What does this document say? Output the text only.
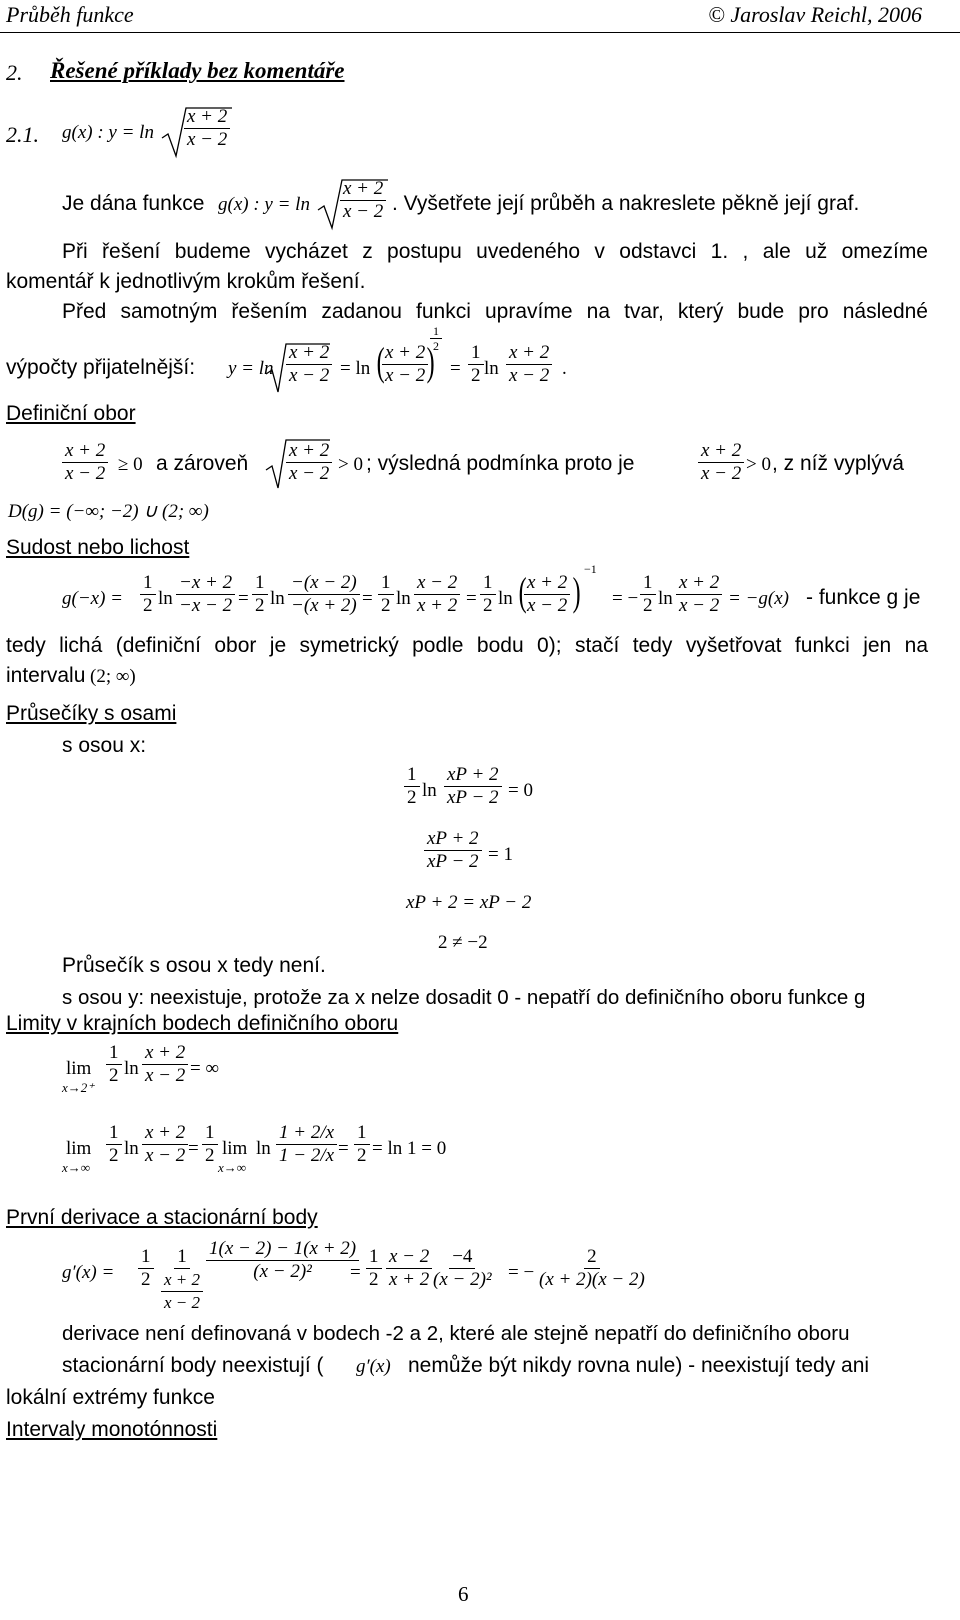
Průběh funkce	© Jaroslav Reichl, 2006
2. Řešené příklady bez komentáře
2.1. g(x) : $y = \ln \frac{x + 2}{x - 2}$
Je dána funkce g(x) : $y = \ln \frac{x + 2}{x - 2}$ . Vyšetřete její průběh a nakreslete pěkně její graf.
Při řešení budeme vycházet z postupu uvedeného v odstavci 1. , ale už omezíme
komentář k jednotlivým krokům řešení.
Před samotným řešením zadanou funkci upravíme na tvar, který bude pro následné
výpočty přijatelnější: $y = \ln \frac{x + 2}{x - 2} = \ln$ (
$\frac{x + 2}{x - 2}$
)
$\frac{1}{2}$
= $\frac{1}{2}$ $\ln \frac{x + 2}{x - 2}$ .
Definiční obor
$\frac{x + 2}{x - 2} \ge 0$ a zároveň $\frac{x + 2}{x - 2} > 0$ ; výsledná podmínka proto je	$\frac{x + 2}{x - 2} > 0$ , z níž vyplývá
D(g) = (−∞; −2) ∪ (2; ∞)
Sudost nebo lichost
$g(-x) = \frac{1}{2}$ $\ln \frac{-x + 2}{-x - 2} = \frac{1}{2}$ $\ln \frac{-(x - 2)}{-(x + 2)} = \frac{1}{2}$ $\ln \frac{x - 2}{x + 2} = \frac{1}{2}$ ln (
$\frac{x + 2}{x - 2}$ ) −1
= − $\frac{1}{2}$ $\ln \frac{x + 2}{x - 2} = -g(x)$ - funkce g je
tedy lichá (definiční obor je symetrický podle bodu 0); stačí tedy vyšetřovat funkci jen na
intervalu (2; ∞)
Průsečíky s osami
s osou x:
$\frac{1}{2}$ $\ln \frac{xP + 2}{xP - 2} = 0$
$\frac{xP + 2}{xP - 2} = 1$
xP + 2 = xP − 2
2 ≠ −2
Průsečík s osou x tedy není.
s osou y: neexistuje, protože za x nelze dosadit 0 - nepatří do definičního oboru funkce g
Limity v krajních bodech definičního oboru
lim
x→2⁺
$\frac{1}{2}$ $\ln \frac{x + 2}{x - 2}$ = ∞
lim
x→∞
$\frac{1}{2}$ $\ln \frac{x + 2}{x - 2} = \frac{1}{2}$ lim
x→∞
$\ln \frac{1 + 2/x}{1 - 2/x} = \frac{1}{2} = \ln 1 = 0$
První derivace a stacionární body
$g'(x) = \frac{1}{2} \frac{1}{\frac{x + 2}{x - 2}} \frac{1(x - 2) - 1(x + 2)}{\text{(x − 2)²}}$
= $\frac{1}{2} \frac{x - 2}{x + 2}$
$\frac{-4}{\text{(x − 2)²}}$ = − $\frac{2}{(x + 2)(x - 2)}$
derivace není definovaná v bodech -2 a 2, které ale stejně nepatří do definičního oboru
stacionární body neexistují ( g′(x) nemůže být nikdy rovna nule) - neexistují tedy ani
lokální extrémy funkce
Intervaly monotónnosti
6
